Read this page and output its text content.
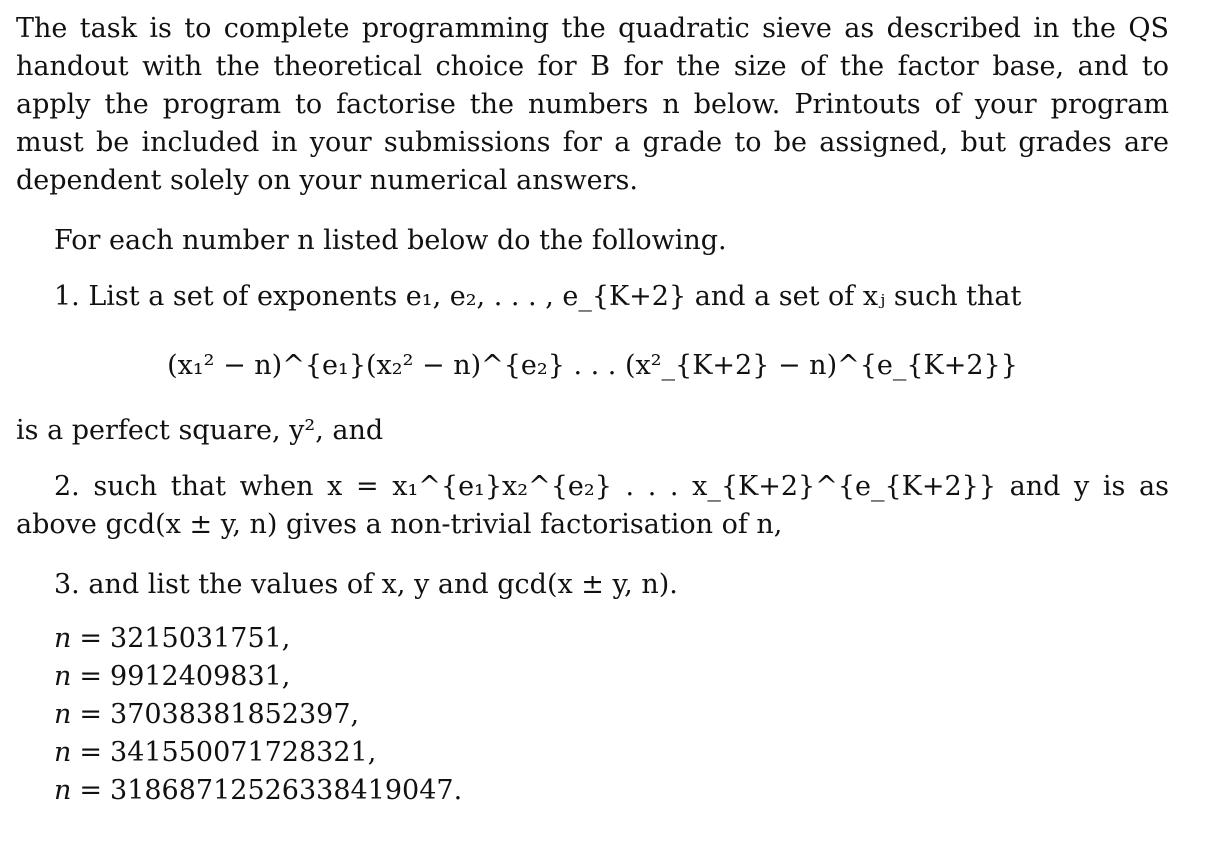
The task is to complete programming the quadratic sieve as described in the QS handout with the theoretical choice for B for the size of the factor base, and to apply the program to factorise the numbers n below. Printouts of your program must be included in your submissions for a grade to be assigned, but grades are dependent solely on your numerical answers.

For each number n listed below do the following.

1. List a set of exponents e₁, e₂, . . . , e_{K+2} and a set of xⱼ such that

(x₁² − n)^{e₁}(x₂² − n)^{e₂} . . . (x²_{K+2} − n)^{e_{K+2}}

is a perfect square, y², and

2. such that when x = x₁^{e₁}x₂^{e₂} . . . x_{K+2}^{e_{K+2}} and y is as above gcd(x ± y, n) gives a non-trivial factorisation of n,

3. and list the values of x, y and gcd(x ± y, n).

n = 3215031751,
n = 9912409831,
n = 37038381852397,
n = 341550071728321,
n = 31868712526338419047.
